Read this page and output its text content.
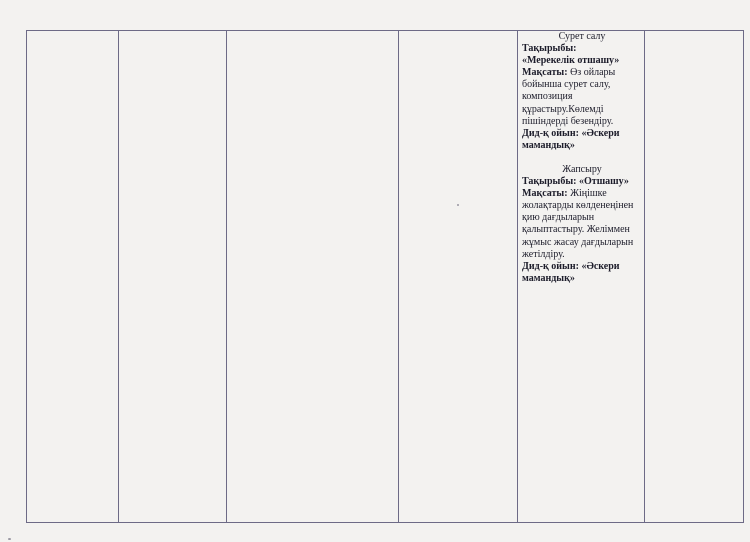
Сурет салу
Тақырыбы:
«Мерекелік отшашу»
Мақсаты: Өз ойлары бойынша сурет салу, композиция құрастыру.Көлемді пішіндерді безендіру.
Дид-қ ойын: «Әскери мамандық»
Жапсыру
Тақырыбы: «Отшашу»
Мақсаты: Жіңішке жолақтарды көлденеңінен қию дағдыларын қалыптастыру. Желіммен жұмыс жасау дағдыларын жетілдіру.
Дид-қ ойын: «Әскери мамандық»
